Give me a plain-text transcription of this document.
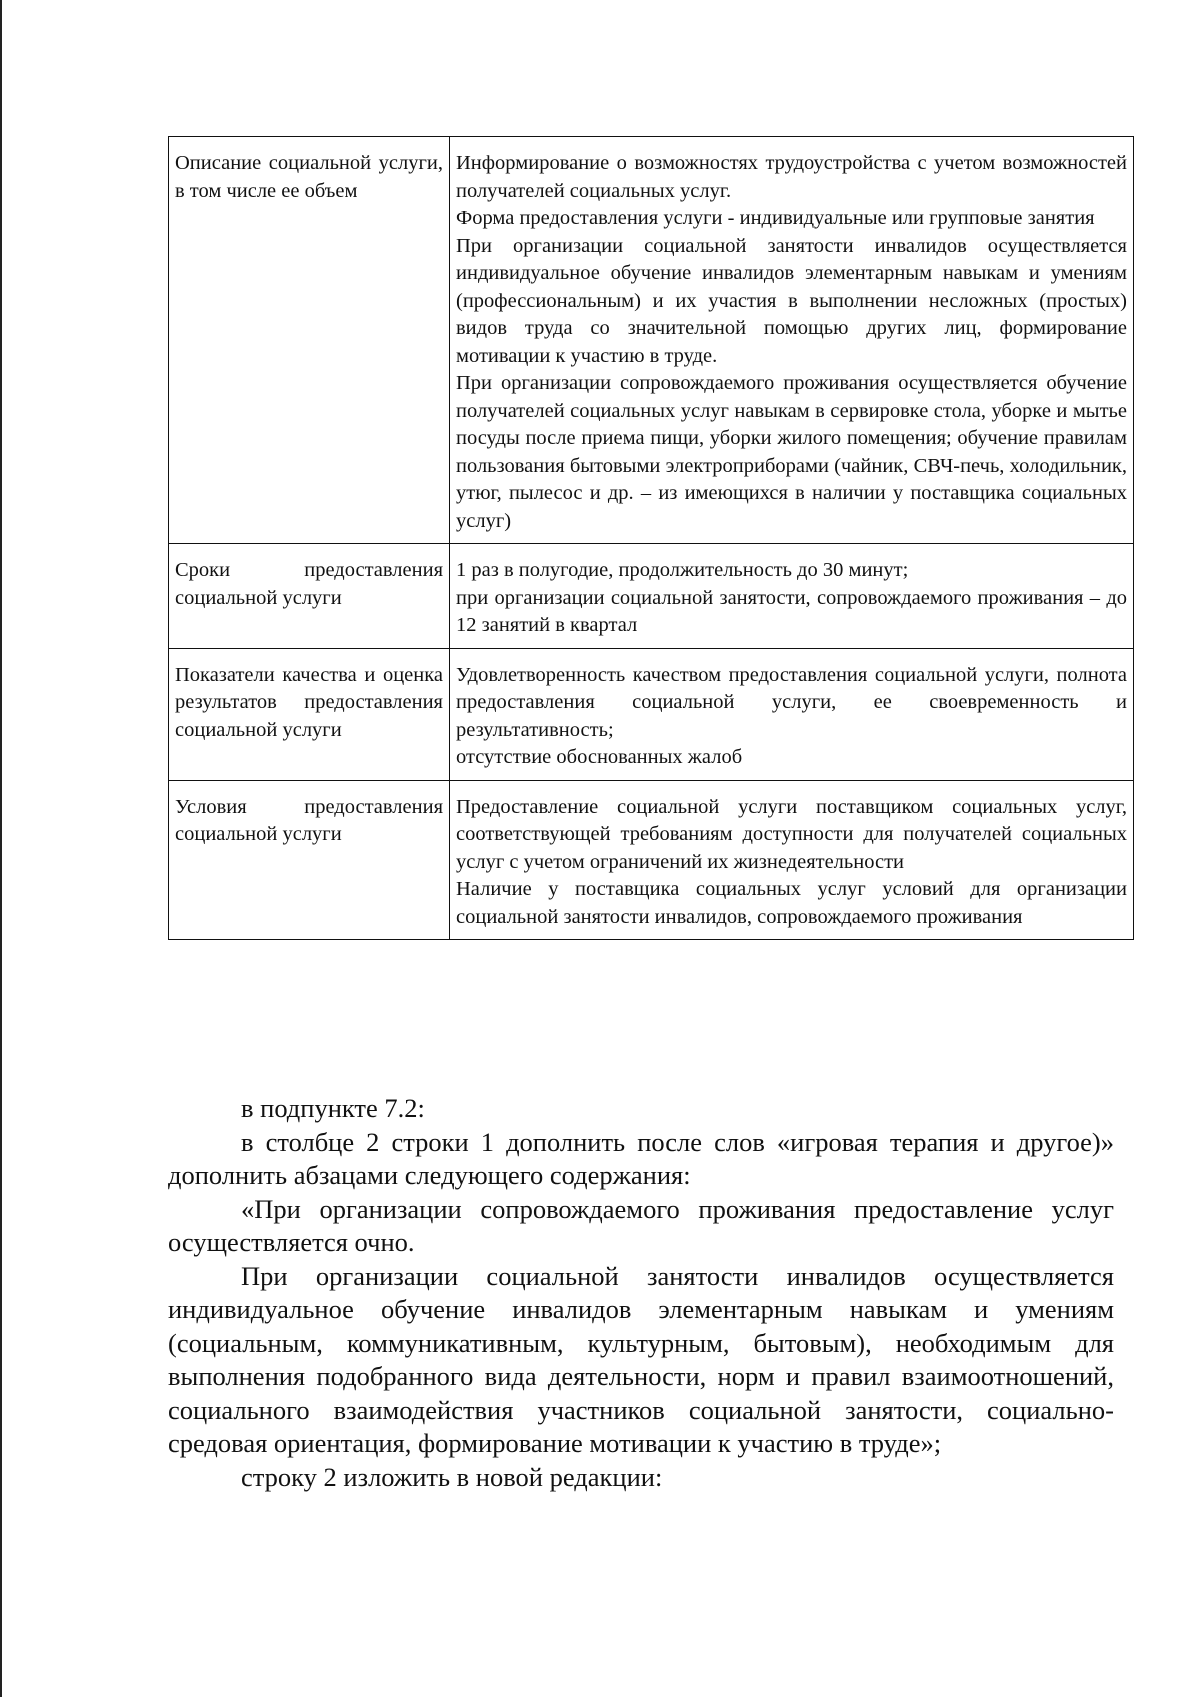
Описание социальной услуги, в том числе ее объем	Информирование о возможностях трудоустройства с учетом возможностей получателей социальных услуг.
Форма предоставления услуги - индивидуальные или групповые занятия
При организации социальной занятости инвалидов осуществляется индивидуальное обучение инвалидов элементарным навыкам и умениям (профессиональным) и их участия в выполнении несложных (простых) видов труда со значительной помощью других лиц, формирование мотивации к участию в труде.
При организации сопровождаемого проживания осуществляется обучение получателей социальных услуг навыкам в сервировке стола, уборке и мытье посуды после приема пищи, уборки жилого помещения; обучение правилам пользования бытовыми электроприборами (чайник, СВЧ-печь, холодильник, утюг, пылесос и др. – из имеющихся в наличии у поставщика социальных услуг)

Сроки предоставления социальной услуги	1 раз в полугодие, продолжительность до 30 минут;
при организации социальной занятости, сопровождаемого проживания – до 12 занятий в квартал

Показатели качества и оценка результатов предоставления социальной услуги	Удовлетворенность качеством предоставления социальной услуги, полнота предоставления социальной услуги, ее своевременность и результативность;
отсутствие обоснованных жалоб

Условия предоставления социальной услуги	Предоставление социальной услуги поставщиком социальных услуг, соответствующей требованиям доступности для получателей социальных услуг с учетом ограничений их жизнедеятельности
Наличие у поставщика социальных услуг условий для организации социальной занятости инвалидов, сопровождаемого проживания

в подпункте 7.2:

в столбце 2 строки 1 дополнить после слов «игровая терапия и другое)» дополнить абзацами следующего содержания:

«При организации сопровождаемого проживания предоставление услуг осуществляется очно.

При организации социальной занятости инвалидов осуществляется индивидуальное обучение инвалидов элементарным навыкам и умениям (социальным, коммуникативным, культурным, бытовым), необходимым для выполнения подобранного вида деятельности, норм и правил взаимоотношений, социального взаимодействия участников социальной занятости, социально-средовая ориентация, формирование мотивации к участию в труде»;

строку 2 изложить в новой редакции:
